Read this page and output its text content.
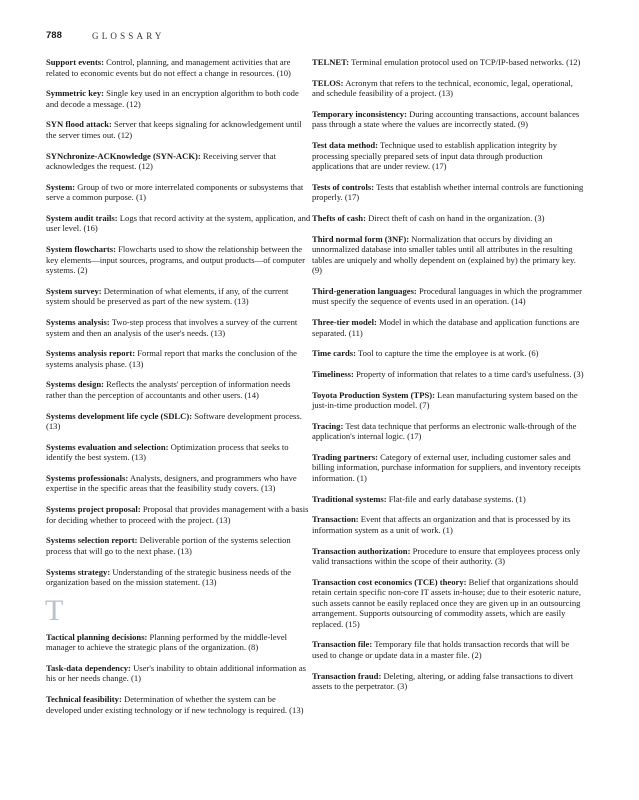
788	GLOSSARY

Support events: Control, planning, and management activities that are related to economic events but do not effect a change in resources. (10)

Symmetric key: Single key used in an encryption algorithm to both code and decode a message. (12)

SYN flood attack: Server that keeps signaling for acknowledgement until the server times out. (12)

SYNchronize-ACKnowledge (SYN-ACK): Receiving server that acknowledges the request. (12)

System: Group of two or more interrelated components or subsystems that serve a common purpose. (1)

System audit trails: Logs that record activity at the system, application, and user level. (16)

System flowcharts: Flowcharts used to show the relationship between the key elements—input sources, programs, and output products—of computer systems. (2)

System survey: Determination of what elements, if any, of the current system should be preserved as part of the new system. (13)

Systems analysis: Two-step process that involves a survey of the current system and then an analysis of the user's needs. (13)

Systems analysis report: Formal report that marks the conclusion of the systems analysis phase. (13)

Systems design: Reflects the analysts' perception of information needs rather than the perception of accountants and other users. (14)

Systems development life cycle (SDLC): Software development process. (13)

Systems evaluation and selection: Optimization process that seeks to identify the best system. (13)

Systems professionals: Analysts, designers, and programmers who have expertise in the specific areas that the feasibility study covers. (13)

Systems project proposal: Proposal that provides management with a basis for deciding whether to proceed with the project. (13)

Systems selection report: Deliverable portion of the systems selection process that will go to the next phase. (13)

Systems strategy: Understanding of the strategic business needs of the organization based on the mission statement. (13)

T

Tactical planning decisions: Planning performed by the middle-level manager to achieve the strategic plans of the organization. (8)

Task-data dependency: User's inability to obtain additional information as his or her needs change. (1)

Technical feasibility: Determination of whether the system can be developed under existing technology or if new technology is required. (13)

TELNET: Terminal emulation protocol used on TCP/IP-based networks. (12)

TELOS: Acronym that refers to the technical, economic, legal, operational, and schedule feasibility of a project. (13)

Temporary inconsistency: During accounting transactions, account balances pass through a state where the values are incorrectly stated. (9)

Test data method: Technique used to establish application integrity by processing specially prepared sets of input data through production applications that are under review. (17)

Tests of controls: Tests that establish whether internal controls are functioning properly. (17)

Thefts of cash: Direct theft of cash on hand in the organization. (3)

Third normal form (3NF): Normalization that occurs by dividing an unnormalized database into smaller tables until all attributes in the resulting tables are uniquely and wholly dependent on (explained by) the primary key. (9)

Third-generation languages: Procedural languages in which the programmer must specify the sequence of events used in an operation. (14)

Three-tier model: Model in which the database and application functions are separated. (11)

Time cards: Tool to capture the time the employee is at work. (6)

Timeliness: Property of information that relates to a time card's usefulness. (3)

Toyota Production System (TPS): Lean manufacturing system based on the just-in-time production model. (7)

Tracing: Test data technique that performs an electronic walk-through of the application's internal logic. (17)

Trading partners: Category of external user, including customer sales and billing information, purchase information for suppliers, and inventory receipts information. (1)

Traditional systems: Flat-file and early database systems. (1)

Transaction: Event that affects an organization and that is processed by its information system as a unit of work. (1)

Transaction authorization: Procedure to ensure that employees process only valid transactions within the scope of their authority. (3)

Transaction cost economics (TCE) theory: Belief that organizations should retain certain specific non-core IT assets in-house; due to their esoteric nature, such assets cannot be easily replaced once they are given up in an outsourcing arrangement. Supports outsourcing of commodity assets, which are easily replaced. (15)

Transaction file: Temporary file that holds transaction records that will be used to change or update data in a master file. (2)

Transaction fraud: Deleting, altering, or adding false transactions to divert assets to the perpetrator. (3)
